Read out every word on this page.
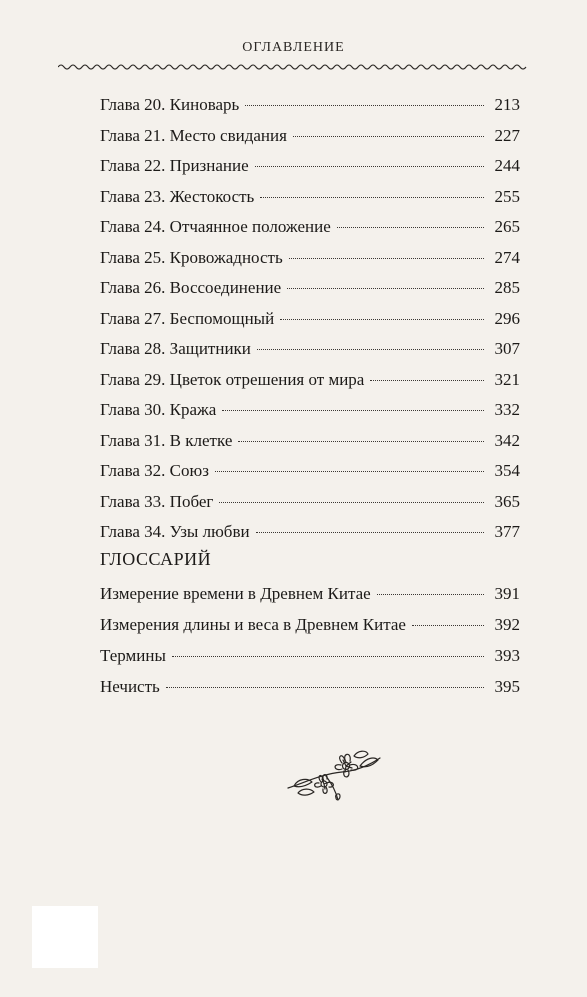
ОГЛАВЛЕНИЕ
Глава 20. Киноварь	213
Глава 21. Место свидания	227
Глава 22. Признание	244
Глава 23. Жестокость	255
Глава 24. Отчаянное положение	265
Глава 25. Кровожадность	274
Глава 26. Воссоединение	285
Глава 27. Беспомощный	296
Глава 28. Защитники	307
Глава 29. Цветок отрешения от мира	321
Глава 30. Кража	332
Глава 31. В клетке	342
Глава 32. Союз	354
Глава 33. Побег	365
Глава 34. Узы любви	377
ГЛОССАРИЙ
Измерение времени в Древнем Китае	391
Измерения длины и веса в Древнем Китае	392
Термины	393
Нечисть	395
